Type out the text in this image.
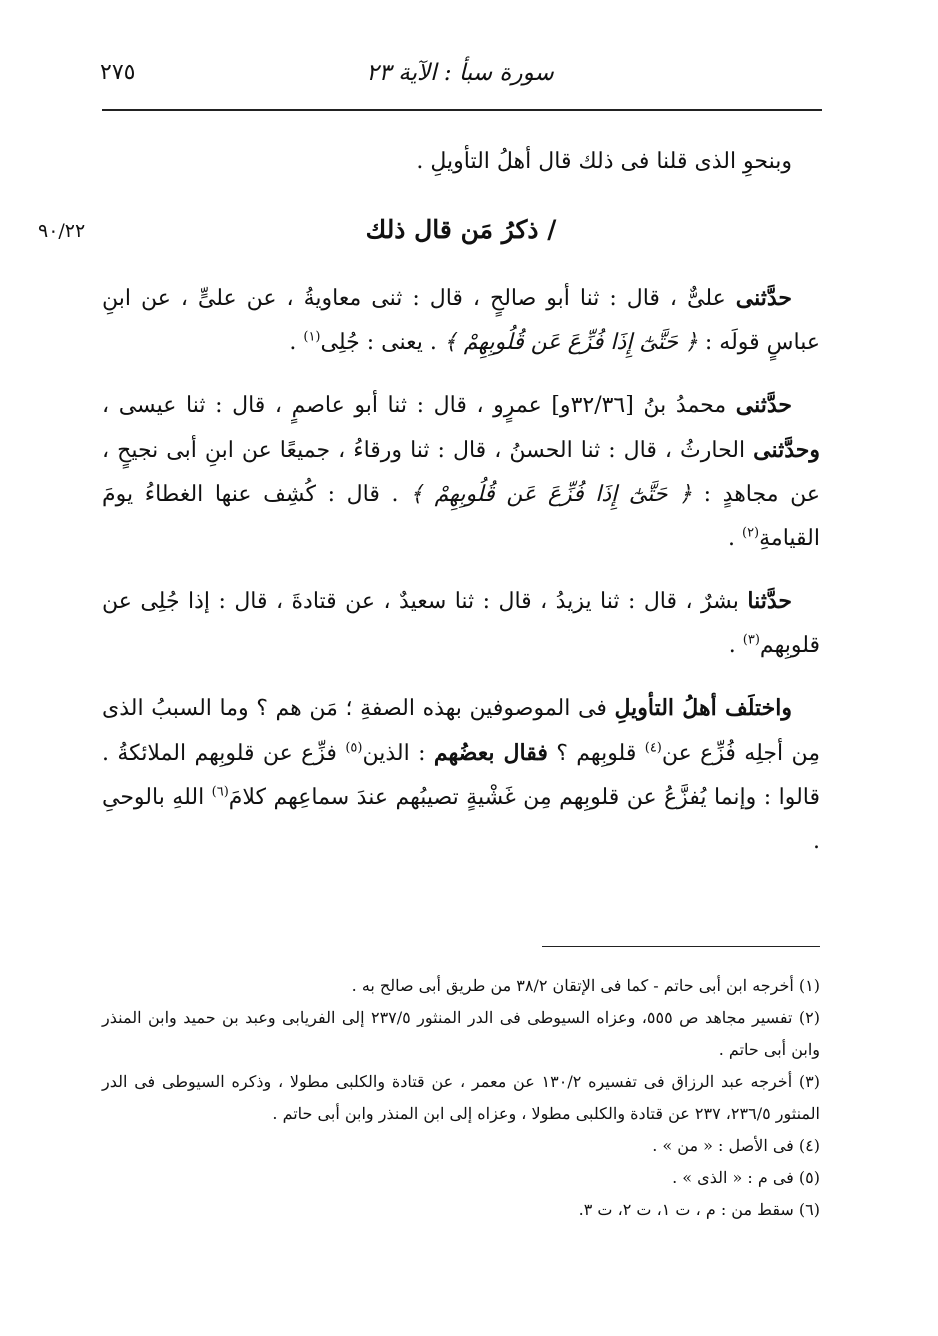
سورة سبأ : الآية ٢٣
٢٧٥
٩٠/٢٢

وبنحوِ الذى قلنا فى ذلك قال أهلُ التأويلِ .

/ ذكرُ مَن قال ذلك

حدَّثنى علىٌّ ، قال : ثنا أبو صالحٍ ، قال : ثنى معاويةُ ، عن علىٍّ ، عن ابنِ عباسٍ قولَه : ﴿ حَتَّىٰٓ إِذَا فُزِّعَ عَن قُلُوبِهِمْ ﴾ . يعنى : جُلِى$^{(١)}$ .

حدَّثنى محمدُ بنُ [٣٢/٣٦و] عمرٍو ، قال : ثنا أبو عاصمٍ ، قال : ثنا عيسى ، وحدَّثنى الحارثُ ، قال : ثنا الحسنُ ، قال : ثنا ورقاءُ ، جميعًا عن ابنِ أبى نجيحٍ ، عن مجاهدٍ : ﴿ حَتَّىٰٓ إِذَا فُزِّعَ عَن قُلُوبِهِمْ ﴾ . قال : كُشِف عنها الغطاءُ يومَ القيامةِ$^{(٢)}$ .

حدَّثنا بشرٌ ، قال : ثنا يزيدُ ، قال : ثنا سعيدٌ ، عن قتادةَ ، قال : إذا جُلِى عن قلوبِهم$^{(٣)}$ .

واختلَف أهلُ التأويلِ فى الموصوفين بهذه الصفةِ ؛ مَن هم ؟ وما السببُ الذى مِن أجلِه فُزِّع عن$^{(٤)}$ قلوبِهم ؟ فقال بعضُهم : الذين$^{(٥)}$ فزِّع عن قلوبِهم الملائكةُ . قالوا : وإنما يُفزَّعُ عن قلوبِهم مِن غَشْيةٍ تصيبُهم عندَ سماعِهم كلامَ$^{(٦)}$ اللهِ بالوحىِ .

(١) أخرجه ابن أبى حاتم - كما فى الإتقان ٣٨/٢ من طريق أبى صالح به .
(٢) تفسير مجاهد ص ٥٥٥، وعزاه السيوطى فى الدر المنثور ٢٣٧/٥ إلى الفريابى وعبد بن حميد وابن المنذر وابن أبى حاتم .
(٣) أخرجه عبد الرزاق فى تفسيره ١٣٠/٢ عن معمر ، عن قتادة والكلبى مطولا ، وذكره السيوطى فى الدر المنثور ٢٣٦/٥، ٢٣٧ عن قتادة والكلبى مطولا ، وعزاه إلى ابن المنذر وابن أبى حاتم .
(٤) فى الأصل : « من » .
(٥) فى م : « الذى » .
(٦) سقط من : م ، ت ١، ت ٢، ت ٣.
